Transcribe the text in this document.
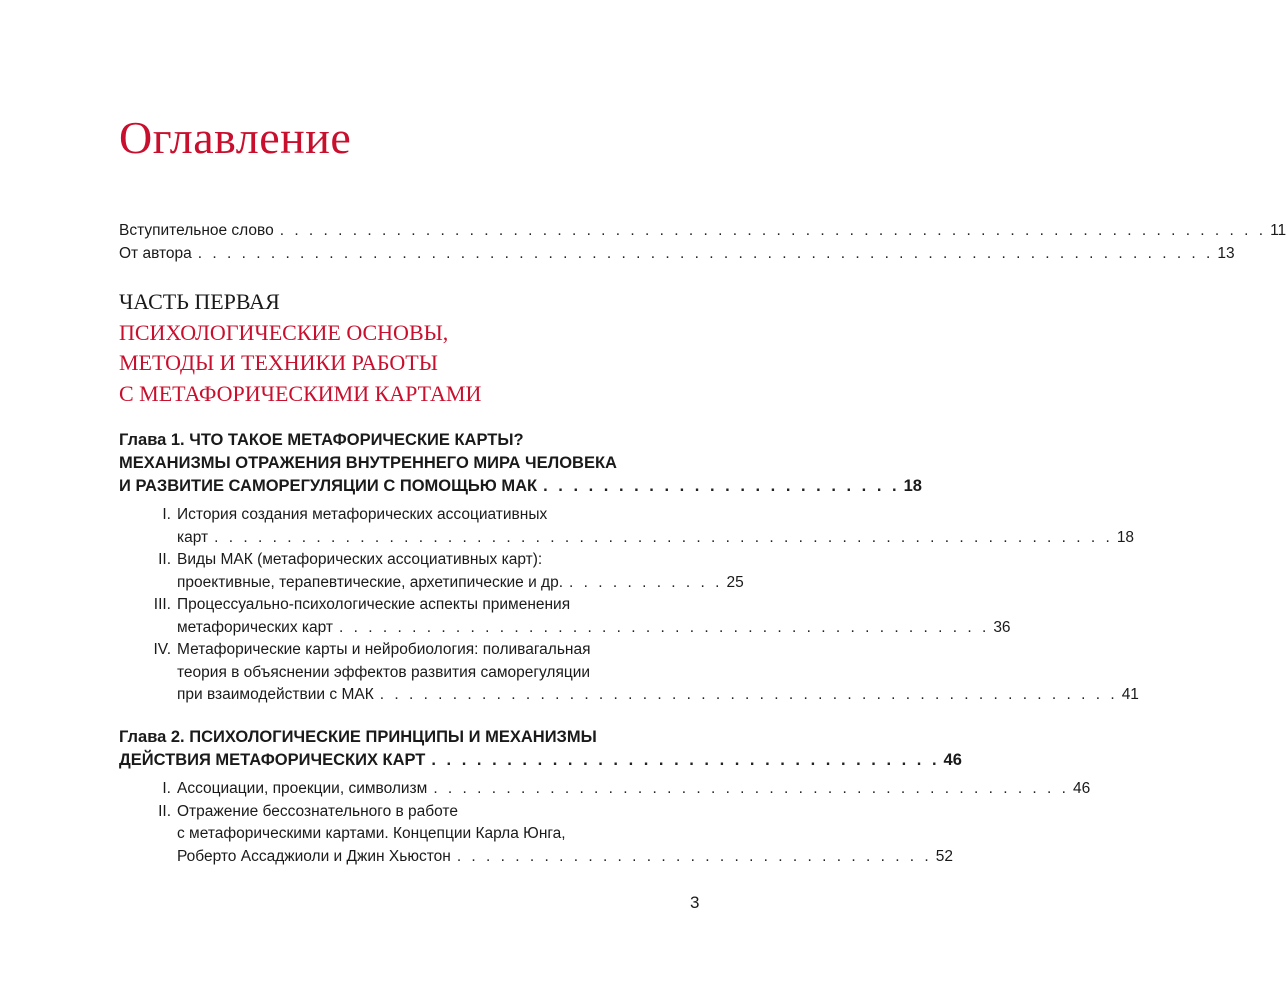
Оглавление
Вступительное слово . . . . . . . . . . . . . . . . . . . . . . . . . . . . . . . . . . . . . . . . . . . . . . . . . . . . . . . . . . . . . . . . . . . . 11
От автора . . . . . . . . . . . . . . . . . . . . . . . . . . . . . . . . . . . . . . . . . . . . . . . . . . . . . . . . . . . . . . . . . . . . . . 13
ЧАСТЬ ПЕРВАЯ
ПСИХОЛОГИЧЕСКИЕ ОСНОВЫ,
МЕТОДЫ И ТЕХНИКИ РАБОТЫ
С МЕТАФОРИЧЕСКИМИ КАРТАМИ
Глава 1. ЧТО ТАКОЕ МЕТАФОРИЧЕСКИЕ КАРТЫ?
МЕХАНИЗМЫ ОТРАЖЕНИЯ ВНУТРЕННЕГО МИРА ЧЕЛОВЕКА
И РАЗВИТИЕ САМОРЕГУЛЯЦИИ С ПОМОЩЬЮ МАК . . . . . . . . . . . . . . . . . . . . . . . . 18
I. История создания метафорических ассоциативных
карт . . . . . . . . . . . . . . . . . . . . . . . . . . . . . . . . . . . . . . . . . . . . . . . . . . . . . . . . . . . . . . 18
II. Виды МАК (метафорических ассоциативных карт):
проективные, терапевтические, архетипические и др. . . . . . . . . . . . 25
III. Процессуально-психологические аспекты применения
метафорических карт . . . . . . . . . . . . . . . . . . . . . . . . . . . . . . . . . . . . . . . . . . . . . 36
IV. Метафорические карты и нейробиология: поливагальная
теория в объяснении эффектов развития саморегуляции
при взаимодействии с МАК . . . . . . . . . . . . . . . . . . . . . . . . . . . . . . . . . . . . . . . . . . . . . . . . . . . 41
Глава 2. ПСИХОЛОГИЧЕСКИЕ ПРИНЦИПЫ И МЕХАНИЗМЫ
ДЕЙСТВИЯ МЕТАФОРИЧЕСКИХ КАРТ . . . . . . . . . . . . . . . . . . . . . . . . . . . . . . . . . . 46
I. Ассоциации, проекции, символизм . . . . . . . . . . . . . . . . . . . . . . . . . . . . . . . . . . . . . . . . . . . . 46
II. Отражение бессознательного в работе
с метафорическими картами. Концепции Карла Юнга,
Роберто Ассаджиоли и Джин Хьюстон . . . . . . . . . . . . . . . . . . . . . . . . . . . . . . . . . 52
3
